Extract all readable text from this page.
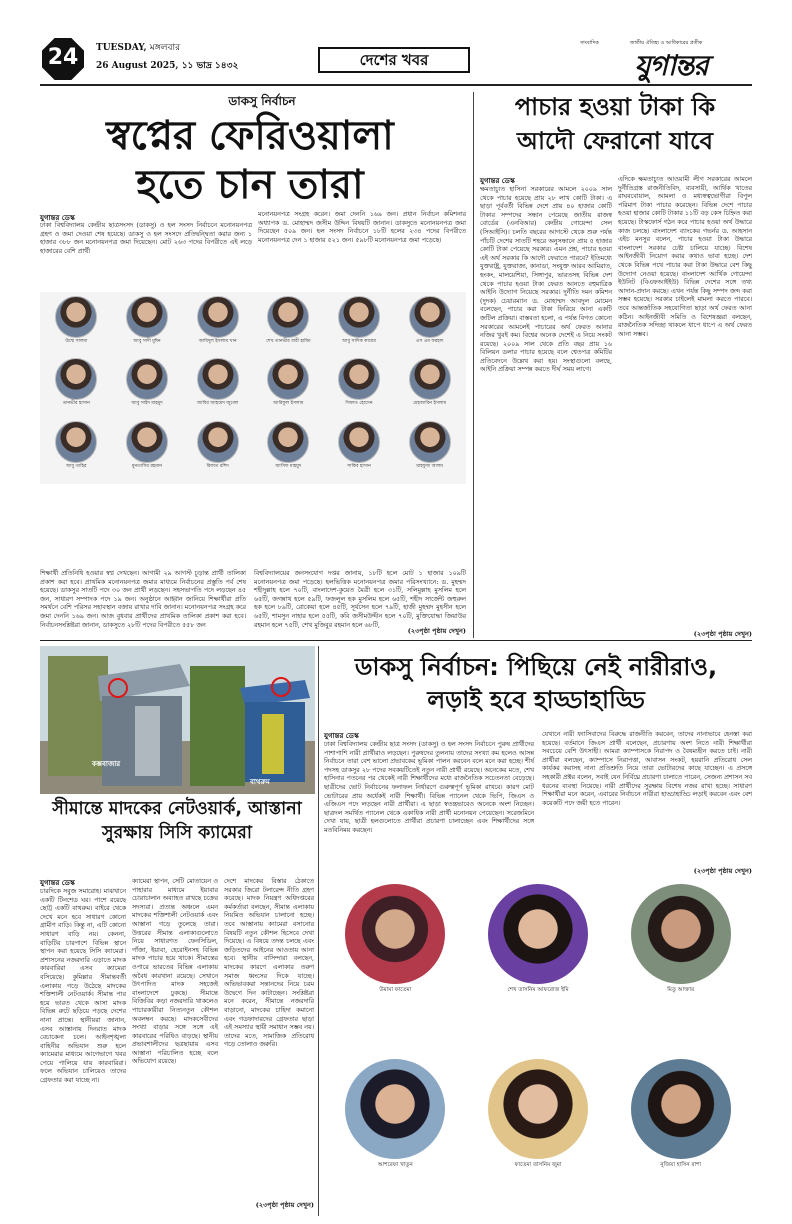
24	TUESDAY, মঙ্গলবার
26 August 2025, ১১ ভাদ্র ১৪৩২	দেশের খবর
সাংবাদিক	জাতীয় ঐতিহ্য ও আধিকারের প্রতীক
যুগান্তর
ডাকসু নির্বাচন
স্বপ্নের ফেরিওয়ালা
হতে চান তারা
যুগান্তর ডেস্ক
ঢাকা বিশ্ববিদ্যালয় কেন্দ্রীয় ছাত্রসংসদ (ডাকসু) ও হল সংসদ নির্বাচনে মনোনয়নপত্র গ্রহণ ও জমা দেওয়া শেষ হয়েছে। ডাকসু ও হল সংসদে প্রতিদ্বন্দ্বিতা করার জন্য ১ হাজার ৩৮৮ জন মনোনয়নপত্র জমা দিয়েছেন। মোট ২৬৩ পদের বিপরীতে এই লড়ে হাজারের বেশি প্রার্থী
মনোনয়নপত্র সংগ্রহ করেন। জমা দেননি ১৬৯ জন। প্রধান নির্বাচন কমিশনার অধ্যাপক ড. মোহাম্মদ জসীম উদ্দিন বিষয়টি জানান। ডাকসুতে মনোনয়নপত্র জমা দিয়েছেন ৫০৯ জন। হল সংসদ নির্বাচনে ১৮টি হলের ২৩৪ পদের বিপরীতে মনোনয়নপত্র দেন ১ হাজার ৫২১ জন। ৫৯৮টি মনোনয়নপত্র জমা পড়েছে।
উম্মে সালমা	আবু সাদী মুঈন	আবিদুল ইসলাম খান	শেখ তানভীর বারী হামিম	আবু সাদিক কায়েম	এস এম ফরহাদ
তানভীর হাসান	আবু সাইদ মাহমুদ	জাবির আহমেদ জুবেল	আরিফুল ইসলাম	সিফাত হোসেন	মেহজাবিন ইসলাম
আবু তাহির	মুনতাসির রহমান	রিফাত রশিদ	আসিফ মাহমুদ	সাকিব হাসান	মাহফুজ আলম
শিক্ষার্থী প্রতিনিধি হওয়ার স্বপ্ন দেখছেন। আগামী ২৯ আগস্ট চূড়ান্ত প্রার্থী তালিকা প্রকাশ করা হবে। প্রাথমিক মনোনয়নপত্র জমার মাধ্যমে নির্বাচনের প্রস্তুতি পর্ব শেষ হয়েছে। ডাকসুর সাতটি পদে ৩০ জন প্রার্থী লড়ছেন। সহসভাপতি পদে লড়ছেন ৪৫ জন, সাধারণ সম্পাদক পদে ১৯ জন। অনুষ্ঠানে আহ্বান জানিয়ে শিক্ষার্থীরা প্রতি সমর্থনে বেশি পরিসর সহাবস্থান বজায় রাখার দাবি জানান। মনোনয়নপত্র সংগ্রহ করে জমা দেননি ১৬৯ জন। আজ বুধবার প্রার্থীদের প্রাথমিক তালিকা প্রকাশ করা হবে। নির্বাচনসংশ্লিষ্টরা জানান, ডাকসুতে ২৮টি পদের বিপরীতে ৫৫৮ জন
বিশ্ববিদ্যালয়ের জনসংযোগ দপ্তর জানায়, ১৮টি হলে মোট ১ হাজার ১০৯টি মনোনয়নপত্র জমা পড়েছে। হলভিত্তিক মনোনয়নপত্র জমার পরিসংখ্যানে: ড. মুহম্মদ শহীদুল্লাহ হলে ৭০টি, বাংলাদেশ-কুয়েত মৈত্রী হলে ৩১টি, সলিমুল্লাহ মুসলিম হলে ৬৫টি, জগন্নাথ হলে ৫৯টি, ফজলুল হক মুসলিম হলে ৬৫টি, শহীদ সার্জেন্ট জহুরুল হক হলে ৮৯টি, রোকেয়া হলে ৪৫টি, সূর্যসেন হলে ৭৯টি, হাজী মুহম্মদ মুহসীন হলে ৬৫টি, শামসুন নাহার হলে ৫৫টি, কবি জসীমউদ্দীন হলে ৭০টি, মুক্তিযোদ্ধা জিয়াউর রহমান হলে ৭৫টি, শেখ মুজিবুর রহমান হলে ৬৮টি,
(২৩পৃষ্ঠা পৃষ্ঠায় দেখুন)
পাচার হওয়া টাকা কি
আদৌ ফেরানো যাবে
যুগান্তর ডেস্ক
ক্ষমতাচ্যুত হাসিনা সরকারের আমলে ২০০৯ সাল থেকে পাচার হয়েছে প্রায় ২৮ লাখ কোটি টাকা। এ ছাড়া পূর্ববর্তী বিভিন্ন দেশে প্রায় ৪০ হাজার কোটি টাকার সম্পদের সন্ধান পেয়েছে জাতীয় রাজস্ব বোর্ডের (এনবিআর) কেন্দ্রীয় গোয়েন্দা সেল (সিআইসি)। চলতি বছরের আগস্টে থেকে শুরু পর্যন্ত পাঁচটি দেশের সাতটি শহরে অনুসন্ধানে প্রায় ৫ হাজার কোটি টাকা পেয়েছে সরকার। এমন প্রশ্ন, পাচার হওয়া এই অর্থ সরকার কি আদৌ ফেরাতে পারবে? ইতিমধ্যে যুক্তরাষ্ট্র, যুক্তরাজ্য, কানাডা, সংযুক্ত আরব আমিরাত, হংকং, মালয়েশিয়া, সিঙ্গাপুর, ভারতসহ বিভিন্ন দেশ থেকে পাচার হওয়া টাকা ফেরত আনতে বহুমাত্রিক আইনি উদ্যোগ নিয়েছে সরকার। দুর্নীতি দমন কমিশন (দুদক) চেয়ারম্যান ড. মোহাম্মদ আবদুল মোমেন বলেছেন, পাচার করা টাকা ফিরিয়ে আনা একটি জটিল প্রক্রিয়া। বাস্তবতা হলো, এ পর্যন্ত বিগত কোনো সরকারের আমলেই পাচারের অর্থ ফেরত আনার নজির খুবই কম। বিশ্বের অনেক দেশেই এ নিয়ে সংকট রয়েছে। ২০০৯ সাল থেকে প্রতি বছর প্রায় ১৬ বিলিয়ন ডলার পাচার হয়েছে বলে শ্বেতপত্র কমিটির প্রতিবেদনে উল্লেখ করা হয়। সংস্থাগুলো বলছে, আইনি প্রক্রিয়া সম্পন্ন করতে দীর্ঘ সময় লাগে।
এদিকে ক্ষমতাচ্যুত আওয়ামী লীগ সরকারের আমলে দুর্নীতিগ্রস্ত রাজনীতিবিদ, ব্যবসায়ী, আর্থিক খাতের রাঘববোয়াল, আমলা ও মধ্যস্বত্বভোগীরা বিপুল পরিমাণ টাকা পাচার করেছেন। বিভিন্ন দেশে পাচার হওয়া হাজার কোটি টাকার ১১টি বড় কেস চিহ্নিত করা হয়েছে। টাস্কফোর্স গঠন করে পাচার হওয়া অর্থ উদ্ধারে কাজ চলছে। বাংলাদেশ ব্যাংকের গভর্নর ড. আহসান এইচ মনসুর বলেন, পাচার হওয়া টাকা উদ্ধারে বাংলাদেশ সরকার চেষ্টা চালিয়ে যাচ্ছে। বিশেষ আইনজীবী নিয়োগ করার কথাও ভাবা হচ্ছে। দেশ থেকে বিভিন্ন পথে পাচার করা টাকা উদ্ধারে বেশ কিছু উদ্যোগ নেওয়া হয়েছে। বাংলাদেশ আর্থিক গোয়েন্দা ইউনিট (বিএফআইইউ) বিভিন্ন দেশের সঙ্গে তথ্য আদান-প্রদান করছে। এখন পর্যন্ত কিছু সম্পদ জব্দ করা সম্ভব হয়েছে। সরকার চাইলেই মামলা করতে পারবে। তবে আন্তর্জাতিক সহযোগিতা ছাড়া অর্থ ফেরত আনা কঠিন। আইনজীবী সমিতি ও বিশেষজ্ঞরা বলছেন, রাজনৈতিক সদিচ্ছা থাকলে ধাপে ধাপে এ অর্থ ফেরত আনা সম্ভব।
(২৩পৃষ্ঠা পৃষ্ঠায় দেখুন)
কক্সবাজার
বাথরুম
ডাকসু নির্বাচন: পিছিয়ে নেই নারীরাও,
লড়াই হবে হাড্ডাহাড্ডি
যুগান্তর ডেস্ক
ঢাকা বিশ্ববিদ্যালয় কেন্দ্রীয় ছাত্র সংসদ (ডাকসু) ও হল সংসদ নির্বাচনে পুরুষ প্রার্থীদের পাশাপাশি নারী প্রার্থীরাও লড়ছেন। পুরুষদের তুলনায় তাদের সংখ্যা কম হলেও আসন্ন নির্বাচনে তারা বেশ ভালো প্রভাবকের ভূমিকা পালন করবেন বলে মনে করা হচ্ছে। শীর্ষ পদসহ ডাকসুর ২৮ পদের সবকয়টিতেই নতুন নারী প্রার্থী রয়েছে। অনেকের মতে, শেখ হাসিনার পতনের পর থেকেই নারী শিক্ষার্থীদের মধ্যে রাজনৈতিক সচেতনতা বেড়েছে। ছাত্রীদের ভোট নির্বাচনের ফলাফল নির্ধারণে গুরুত্বপূর্ণ ভূমিকা রাখবে। কারণ মোট ভোটারের প্রায় অর্ধেকই নারী শিক্ষার্থী। বিভিন্ন প্যানেল থেকে ভিপি, জিএস ও এজিএস পদে লড়ছেন নারী প্রার্থীরা। এ ছাড়া স্বতন্ত্রভাবেও অনেকে অংশ নিচ্ছেন। ছাত্রদল সমর্থিত প্যানেল থেকে একাধিক নারী প্রার্থী মনোনয়ন পেয়েছেন। সরেজমিনে দেখা যায়, ছাত্রী হলগুলোতে প্রার্থীরা প্রচারণা চালাচ্ছেন এবং শিক্ষার্থীদের সঙ্গে মতবিনিময় করছেন।
যেখানে নারী ফ্যাসিবাদের বিরুদ্ধে রাজনীতি করবেন, তাদের নানাভাবে হেনস্তা করা হয়েছে। বর্তমানে জিএস প্রার্থী বলেছেন, প্রচারণায় অংশ নিতে নারী শিক্ষার্থীরা সবচেয়ে বেশি উৎসাহী। আমরা ক্যাম্পাসকে নিরাপদ ও বৈষম্যহীন করতে চাই। নারী প্রার্থীরা বলছেন, ক্যাম্পাসে নিরাপত্তা, আবাসন সংকট, হয়রানি প্রতিরোধ সেল কার্যকর করাসহ নানা প্রতিশ্রুতি নিয়ে তারা ভোটারদের কাছে যাচ্ছেন। এ প্রসঙ্গে সহকারী প্রক্টর বলেন, সবাই যেন নির্বিঘ্নে প্রচারণা চালাতে পারেন, সেজন্য প্রশাসন সব ধরনের ব্যবস্থা নিয়েছে। নারী প্রার্থীদের সুরক্ষায় বিশেষ নজর রাখা হচ্ছে। সাধারণ শিক্ষার্থীরা মনে করেন, এবারের নির্বাচনে নারীরা হাড্ডাহাড্ডি লড়াই করবেন এবং বেশ কয়েকটি পদে জয়ী হতে পারেন।
(২৩পৃষ্ঠা পৃষ্ঠায় দেখুন)
উমামা ফাতেমা	শেখ তাসনিম আফরোজ ইমি	মিতু আক্তার
আশরেফা খাতুন	ফাতেমা তাসনিম জুমা	নুজিয়া হাসিন রাশা
সীমান্তে মাদকের নেটওয়ার্ক, আস্তানা
সুরক্ষায় সিসি ক্যামেরা
যুগান্তর ডেস্ক
চারদিকে সবুজ সমারোহ। মাঝখানে একটি টিনশেড ঘর। পাশে রয়েছে ছোট্ট একটি বাথরুম। বাইরে থেকে দেখে মনে হবে সাধারণ কোনো গ্রামীণ বাড়ি। কিন্তু না, এটি কোনো সাধারণ বাড়ি নয়। কেননা, বাড়িটির চারপাশে বিভিন্ন স্থানে স্থাপন করা হয়েছে সিসি ক্যামেরা। প্রশাসনের নজরদারি এড়াতে মাদক কারবারিরা এসব ক্যামেরা বসিয়েছে। কুমিল্লার সীমান্তবর্তী এলাকায় গড়ে উঠেছে মাদকের শক্তিশালী নেটওয়ার্ক। সীমান্ত পার হয়ে ভারত থেকে আসা মাদক বিভিন্ন রুটে ছড়িয়ে পড়ছে দেশের নানা প্রান্তে। স্থানীয়রা জানান, এসব আস্তানায় দিনরাত মাদক বেচাকেনা চলে। আইনশৃঙ্খলা বাহিনীর অভিযান শুরু হলে ক্যামেরার মাধ্যমে আগেভাগে খবর পেয়ে পালিয়ে যায় কারবারিরা। ফলে অভিযান চালিয়েও তাদের গ্রেফতার করা যাচ্ছে না।
ক্যামেরা স্থাপন, সেটি মোতায়েন ও পাহারার মাধ্যমে ইয়াবার চোরাচালান অব্যাহত রাখছে চক্রের সদস্যরা। প্রত্যন্ত অঞ্চলে এমন মাদকের শক্তিশালী নেটওয়ার্ক এবং আস্তানা গড়ে তুলেছে তারা। উত্তরের সীমান্ত এলাকাগুলোতে নিয়ে সাধারণত ফেনসিডিল, গাঁজা, ইয়াবা, হেরোইনসহ বিভিন্ন মাদক পাচার হয়ে থাকে। সীমান্তের ওপারে ভারতের বিভিন্ন এলাকায় অবৈধ কারখানা রয়েছে। সেখানে উৎপাদিত মাদক সহজেই বাংলাদেশে ঢুকছে। সীমান্তে বিজিবির কড়া নজরদারি থাকলেও পাচারকারীরা নিত্যনতুন কৌশল অবলম্বন করছে। মাদকসেবীদের সংখ্যা বাড়ার সঙ্গে সঙ্গে এই কারবারের পরিধিও বাড়ছে। স্থানীয় প্রভাবশালীদের ছত্রছায়ায় এসব আস্তানা পরিচালিত হচ্ছে বলে অভিযোগ রয়েছে।
দেশে মাদকের বিস্তার ঠেকাতে সরকার জিরো টলারেন্স নীতি গ্রহণ করেছে। মাদক নিয়ন্ত্রণ অধিদপ্তরের কর্মকর্তারা বলছেন, সীমান্ত এলাকায় নিয়মিত অভিযান চালানো হচ্ছে। তবে আস্তানায় ক্যামেরা বসানোর বিষয়টি নতুন কৌশল হিসেবে দেখা দিয়েছে। এ বিষয়ে তদন্ত চলছে এবং জড়িতদের আইনের আওতায় আনা হবে। স্থানীয় বাসিন্দারা বলছেন, মাদকের কারণে এলাকার তরুণ সমাজ ধ্বংসের দিকে যাচ্ছে। অভিভাবকরা সন্তানদের নিয়ে চরম উদ্বেগে দিন কাটাচ্ছেন। সংশ্লিষ্টরা মনে করেন, সীমান্তে নজরদারি বাড়ানো, মাদকের চাহিদা কমানো এবং গডফাদারদের গ্রেফতার ছাড়া এই সমস্যার স্থায়ী সমাধান সম্ভব নয়। তাদের মতে, সামাজিক প্রতিরোধ গড়ে তোলাও জরুরি।
(২৩পৃষ্ঠা পৃষ্ঠায় দেখুন)
